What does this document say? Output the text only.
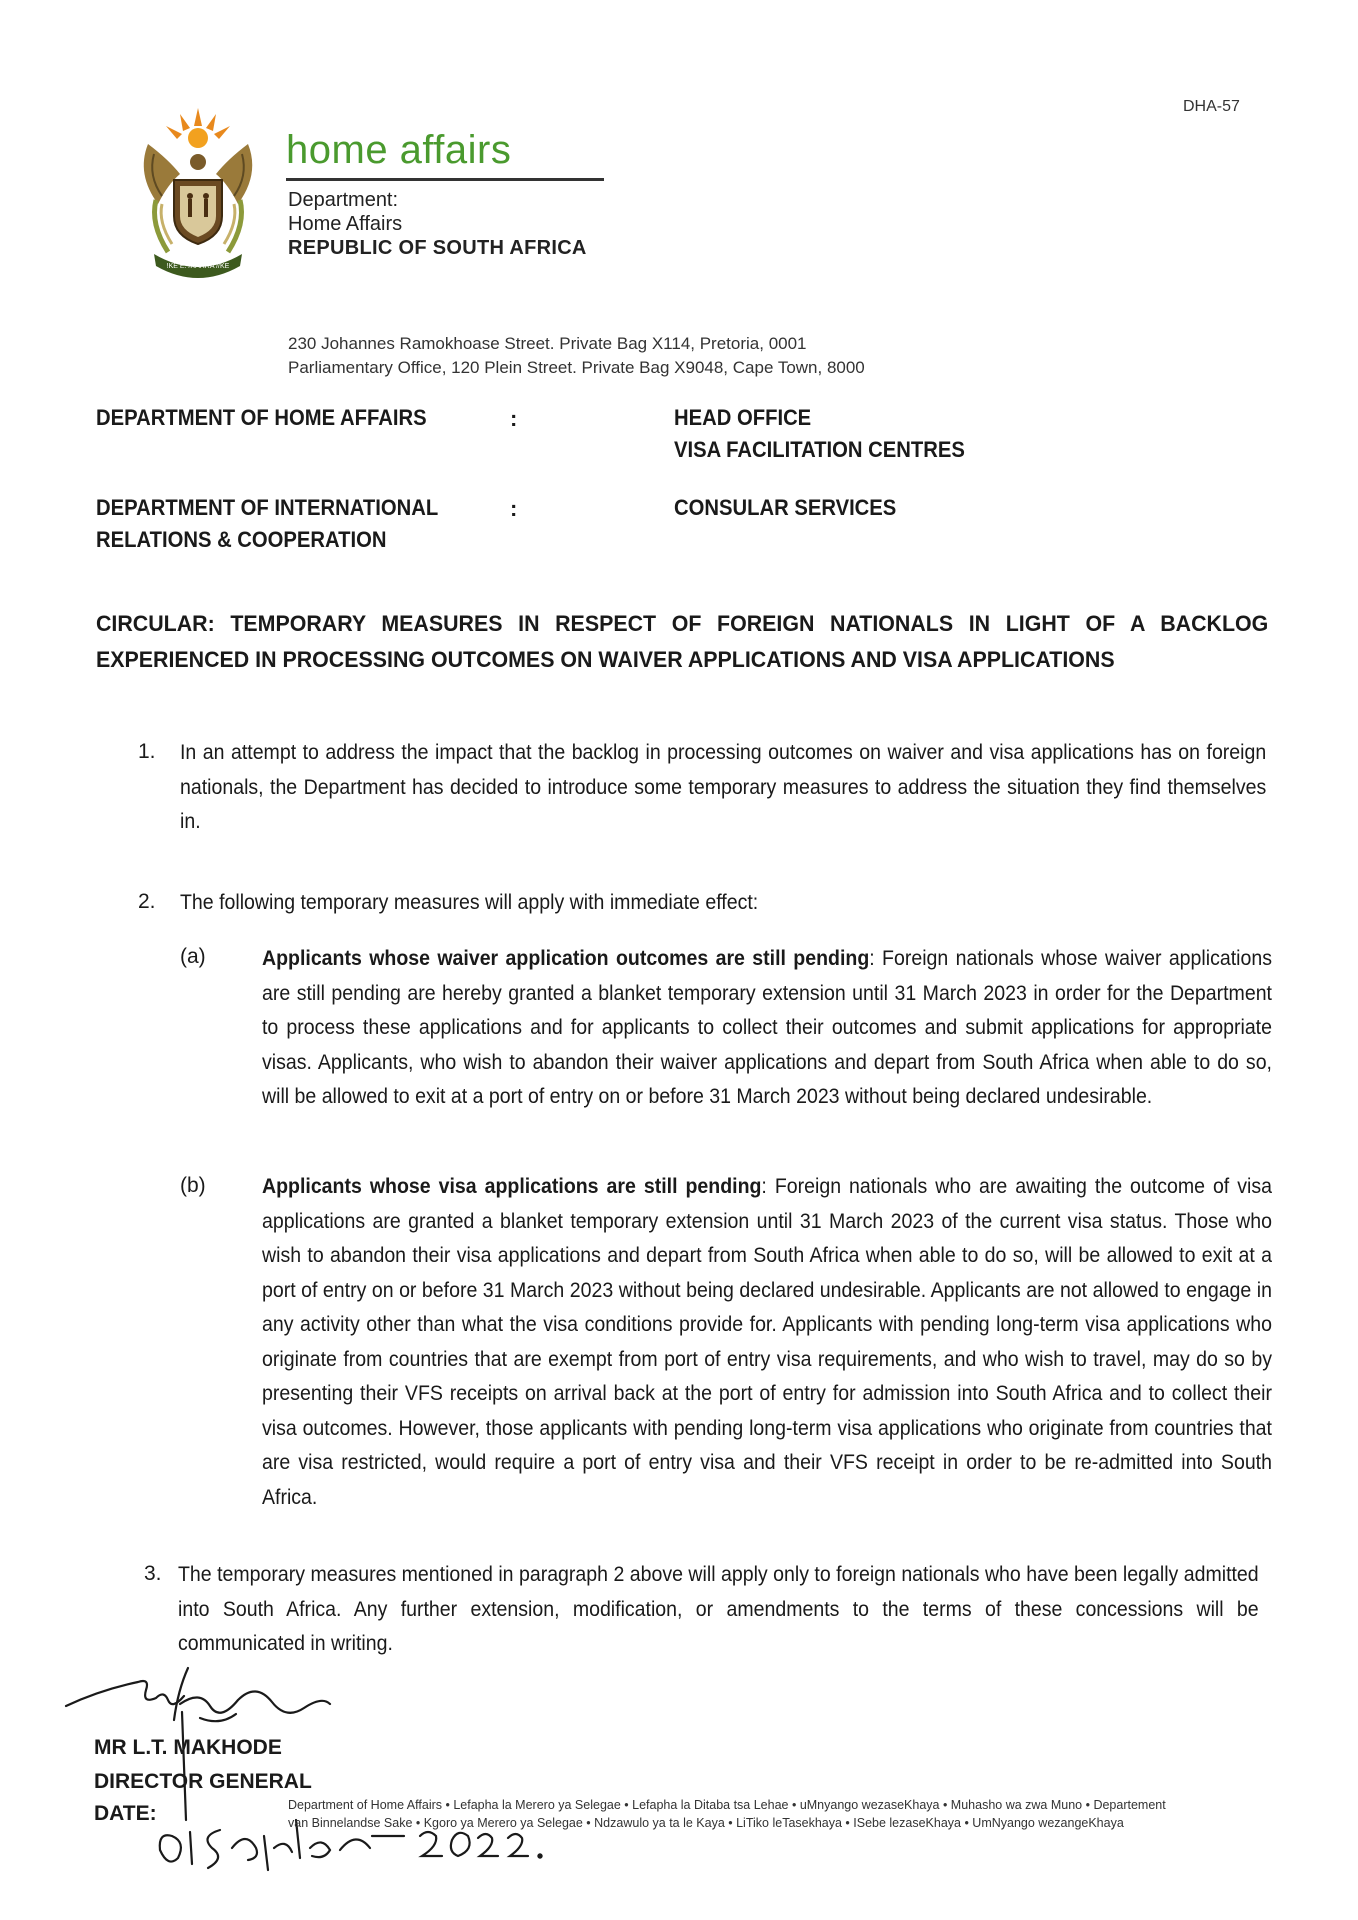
DHA-57
!KE E: /XARRA //KE
home affairs
Department:
Home Affairs
REPUBLIC OF SOUTH AFRICA
230 Johannes Ramokhoase Street. Private Bag X114, Pretoria, 0001
Parliamentary Office, 120 Plein Street. Private Bag X9048, Cape Town, 8000
DEPARTMENT OF HOME AFFAIRS	:	HEAD OFFICE
VISA FACILITATION CENTRES
DEPARTMENT OF INTERNATIONAL
RELATIONS & COOPERATION
:	CONSULAR SERVICES
CIRCULAR: TEMPORARY MEASURES IN RESPECT OF FOREIGN NATIONALS IN LIGHT OF A BACKLOG EXPERIENCED IN PROCESSING OUTCOMES ON WAIVER APPLICATIONS AND VISA APPLICATIONS
1. In an attempt to address the impact that the backlog in processing outcomes on waiver and visa applications has on foreign nationals, the Department has decided to introduce some temporary measures to address the situation they find themselves in.
2. The following temporary measures will apply with immediate effect:
(a)	Applicants whose waiver application outcomes are still pending: Foreign nationals whose waiver applications are still pending are hereby granted a blanket temporary extension until 31 March 2023 in order for the Department to process these applications and for applicants to collect their outcomes and submit applications for appropriate visas. Applicants, who wish to abandon their waiver applications and depart from South Africa when able to do so, will be allowed to exit at a port of entry on or before 31 March 2023 without being declared undesirable.
(b)	Applicants whose visa applications are still pending: Foreign nationals who are awaiting the outcome of visa applications are granted a blanket temporary extension until 31 March 2023 of the current visa status. Those who wish to abandon their visa applications and depart from South Africa when able to do so, will be allowed to exit at a port of entry on or before 31 March 2023 without being declared undesirable. Applicants are not allowed to engage in any activity other than what the visa conditions provide for. Applicants with pending long-term visa applications who originate from countries that are exempt from port of entry visa requirements, and who wish to travel, may do so by presenting their VFS receipts on arrival back at the port of entry for admission into South Africa and to collect their visa outcomes. However, those applicants with pending long-term visa applications who originate from countries that are visa restricted, would require a port of entry visa and their VFS receipt in order to be re-admitted into South Africa.
3. The temporary measures mentioned in paragraph 2 above will apply only to foreign nationals who have been legally admitted into South Africa. Any further extension, modification, or amendments to the terms of these concessions will be communicated in writing.
MR L.T. MAKHODE
DIRECTOR GENERAL
DATE:	Department of Home Affairs • Lefapha la Merero ya Selegae • Lefapha la Ditaba tsa Lehae • uMnyango wezaseKhaya • Muhasho wa zwa Muno • Departement
van Binnelandse Sake • Kgoro ya Merero ya Selegae • Ndzawulo ya ta le Kaya • LiTiko leTasekhaya • ISebe lezaseKhaya • UmNyango wezangeKhaya
